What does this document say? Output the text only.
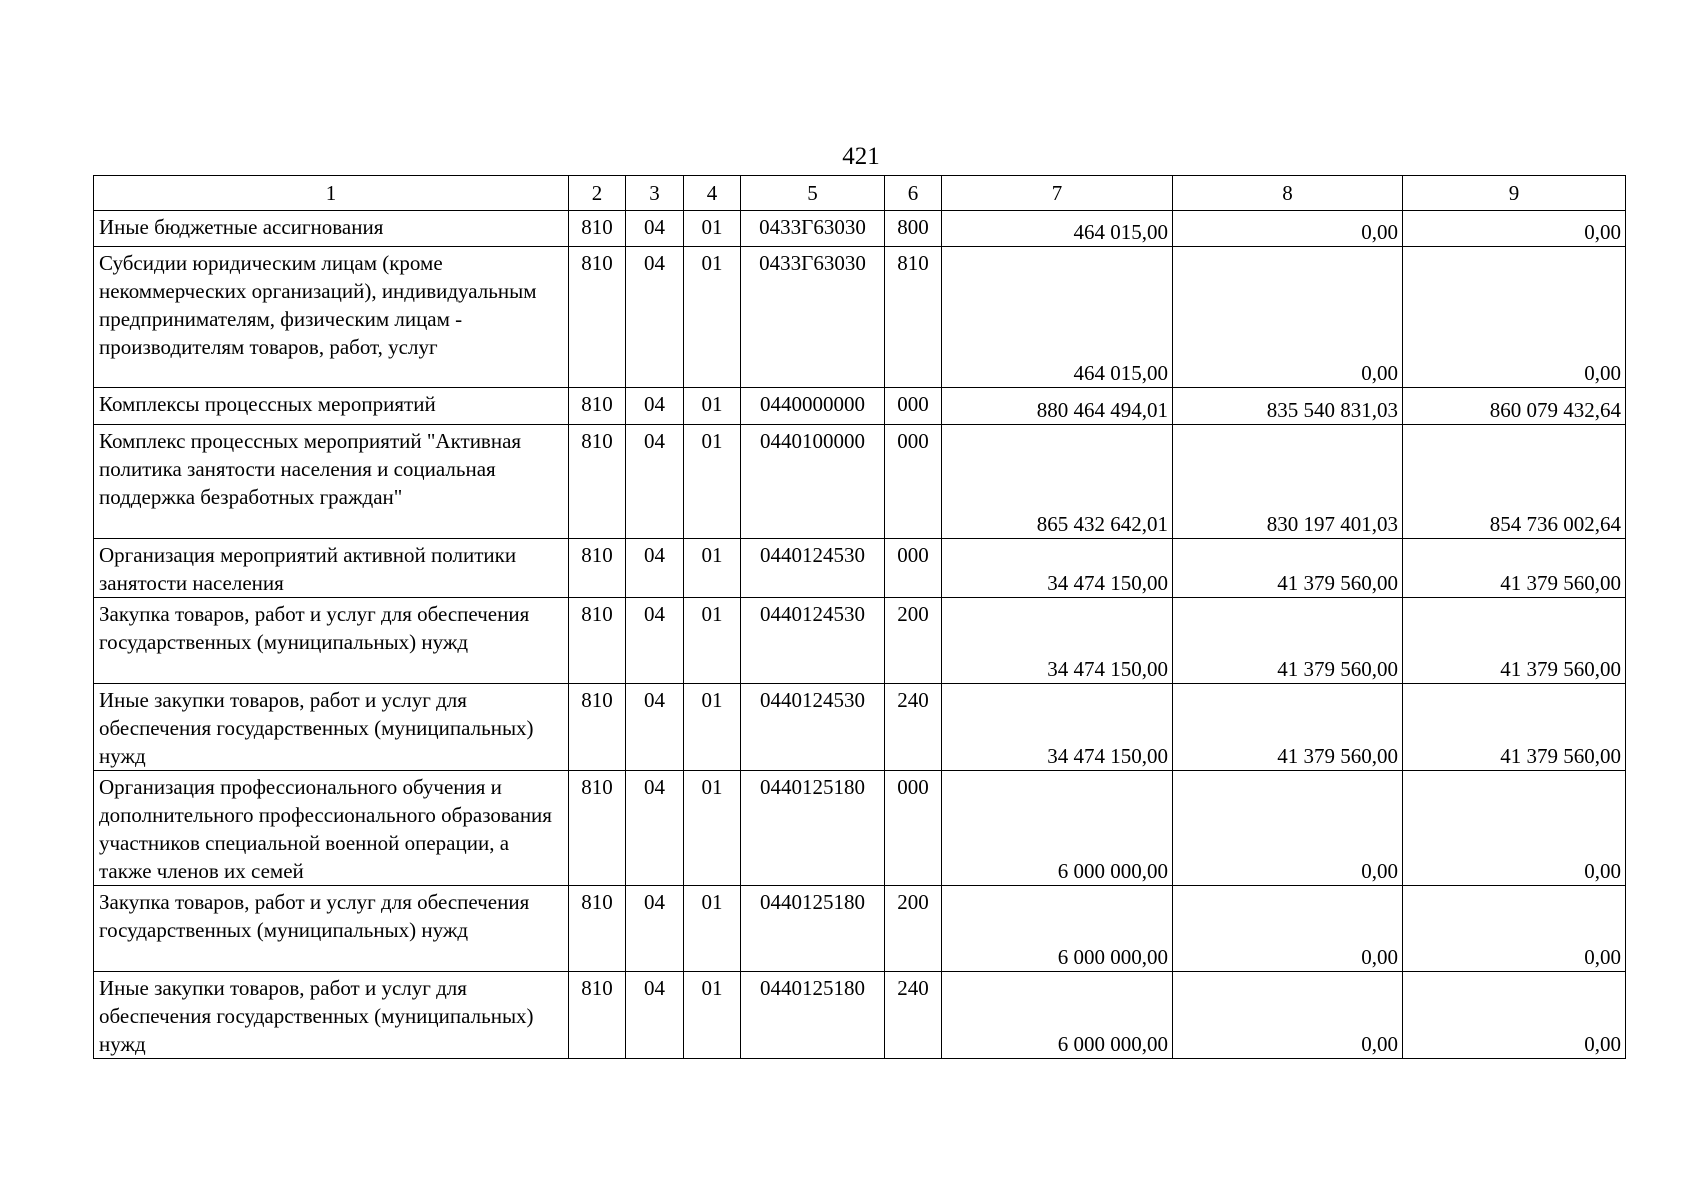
421
1	2	3	4	5	6	7	8	9
Иные бюджетные ассигнования	810	04	01	0433Г63030	800	464 015,00	0,00	0,00
Субсидии юридическим лицам (кроме некоммерческих организаций), индивидуальным предпринимателям, физическим лицам - производителям товаров, работ, услуг	810	04	01	0433Г63030	810	464 015,00	0,00	0,00
Комплексы процессных мероприятий	810	04	01	0440000000	000	880 464 494,01	835 540 831,03	860 079 432,64
Комплекс процессных мероприятий "Активная политика занятости населения и социальная поддержка безработных граждан"	810	04	01	0440100000	000	865 432 642,01	830 197 401,03	854 736 002,64
Организация мероприятий активной политики занятости населения	810	04	01	0440124530	000	34 474 150,00	41 379 560,00	41 379 560,00
Закупка товаров, работ и услуг для обеспечения государственных (муниципальных) нужд	810	04	01	0440124530	200	34 474 150,00	41 379 560,00	41 379 560,00
Иные закупки товаров, работ и услуг для обеспечения государственных (муниципальных) нужд	810	04	01	0440124530	240	34 474 150,00	41 379 560,00	41 379 560,00
Организация профессионального обучения и дополнительного профессионального образования участников специальной военной операции, а также членов их семей	810	04	01	0440125180	000	6 000 000,00	0,00	0,00
Закупка товаров, работ и услуг для обеспечения государственных (муниципальных) нужд	810	04	01	0440125180	200	6 000 000,00	0,00	0,00
Иные закупки товаров, работ и услуг для обеспечения государственных (муниципальных) нужд	810	04	01	0440125180	240	6 000 000,00	0,00	0,00
